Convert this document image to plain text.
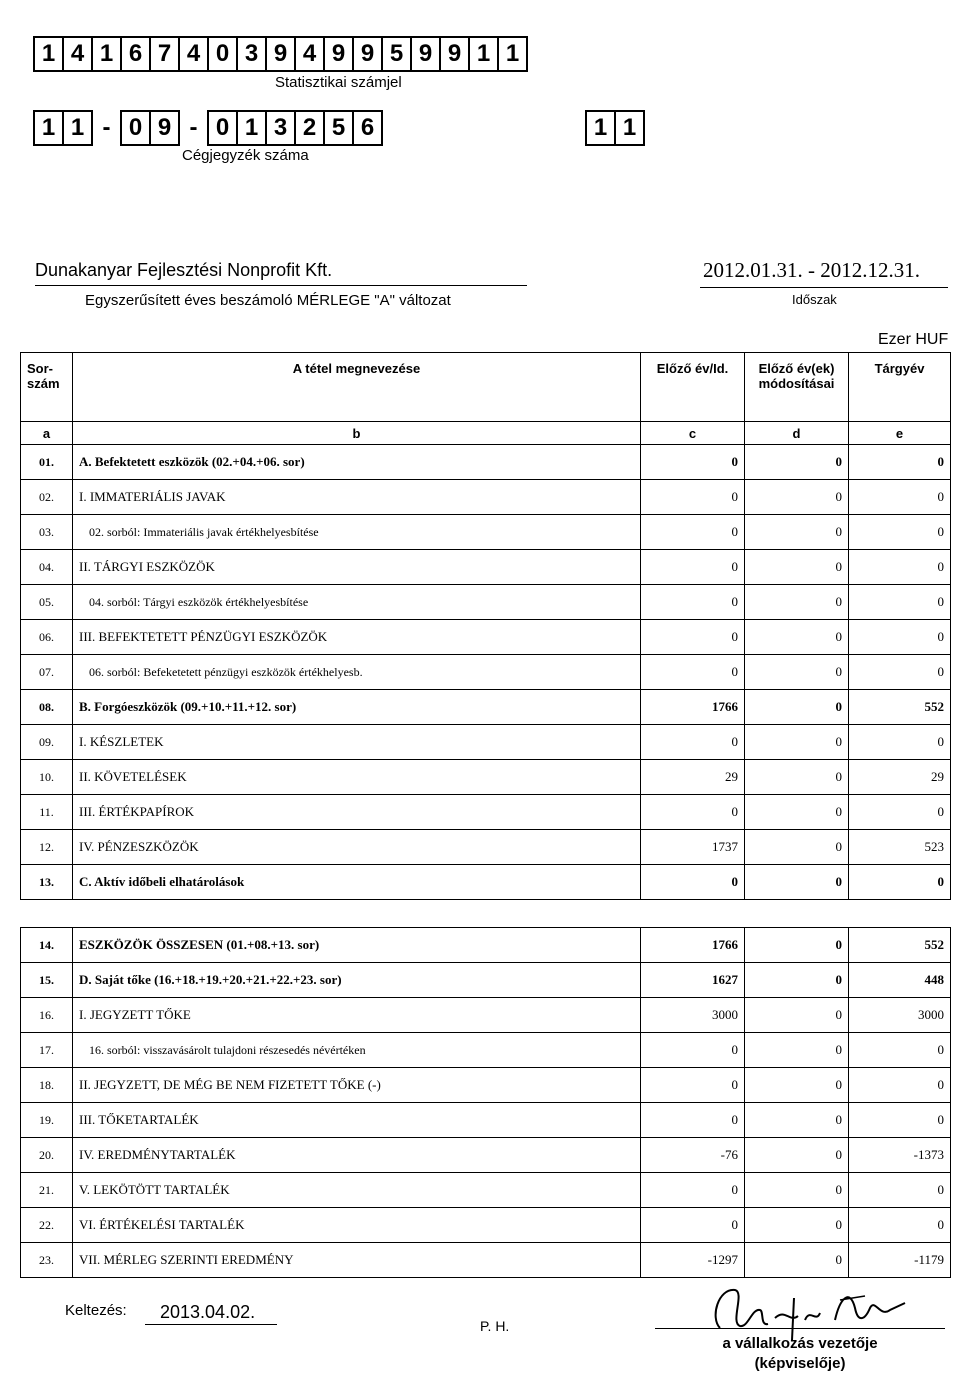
1 4 1 6 7 4 0 3 9 4 9 9 5 9 9 1 1
Statisztikai számjel
1 1 - 0 9 - 0 1 3 2 5 6	1 1
Cégjegyzék száma
Dunakanyar Fejlesztési Nonprofit Kft.
Egyszerűsített éves beszámoló MÉRLEGE "A" változat
2012.01.31. - 2012.12.31.
Időszak
Ezer HUF
Sor-szám	A tétel megnevezése	Előző év/Id.	Előző év(ek) módosításai	Tárgyév
a	b	c	d	e
01.	A. Befektetett eszközök (02.+04.+06. sor)	0	0	0
02.	I. IMMATERIÁLIS JAVAK	0	0	0
03.	02. sorból: Immateriális javak értékhelyesbítése	0	0	0
04.	II. TÁRGYI ESZKÖZÖK	0	0	0
05.	04. sorból: Tárgyi eszközök értékhelyesbítése	0	0	0
06.	III. BEFEKTETETT PÉNZÜGYI ESZKÖZÖK	0	0	0
07.	06. sorból: Befeketetett pénzügyi eszközök értékhelyesb.	0	0	0
08.	B. Forgóeszközök (09.+10.+11.+12. sor)	1766	0	552
09.	I. KÉSZLETEK	0	0	0
10.	II. KÖVETELÉSEK	29	0	29
11.	III. ÉRTÉKPAPÍROK	0	0	0
12.	IV. PÉNZESZKÖZÖK	1737	0	523
13.	C. Aktív időbeli elhatárolások	0	0	0
14.	ESZKÖZÖK ÖSSZESEN (01.+08.+13. sor)	1766	0	552
15.	D. Saját tőke (16.+18.+19.+20.+21.+22.+23. sor)	1627	0	448
16.	I. JEGYZETT TŐKE	3000	0	3000
17.	16. sorból: visszavásárolt tulajdoni részesedés névértéken	0	0	0
18.	II. JEGYZETT, DE MÉG BE NEM FIZETETT TŐKE (-)	0	0	0
19.	III. TŐKETARTALÉK	0	0	0
20.	IV. EREDMÉNYTARTALÉK	-76	0	-1373
21.	V. LEKÖTÖTT TARTALÉK	0	0	0
22.	VI. ÉRTÉKELÉSI TARTALÉK	0	0	0
23.	VII. MÉRLEG SZERINTI EREDMÉNY	-1297	0	-1179
Keltezés: 2013.04.02.
P. H.
a vállalkozás vezetője
(képviselője)
